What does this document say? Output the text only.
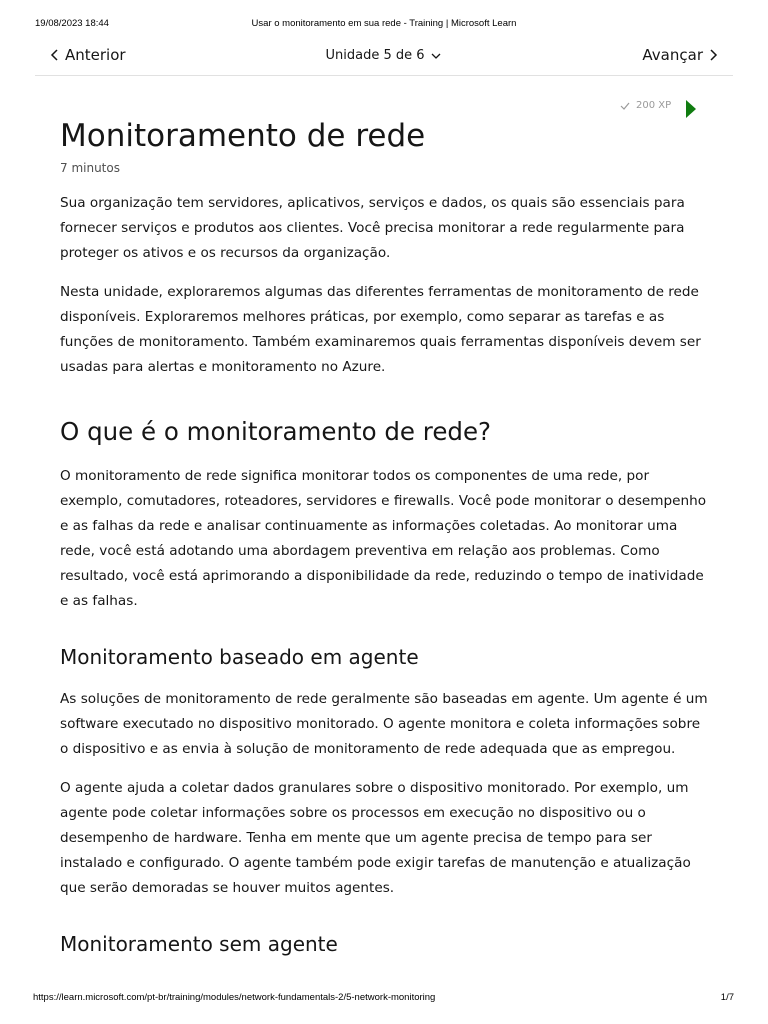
19/08/2023 18:44	Usar o monitoramento em sua rede - Training | Microsoft Learn
Anterior	Unidade 5 de 6	Avançar
200 XP
Monitoramento de rede
7 minutos

Sua organização tem servidores, aplicativos, serviços e dados, os quais são essenciais para fornecer serviços e produtos aos clientes. Você precisa monitorar a rede regularmente para proteger os ativos e os recursos da organização.

Nesta unidade, exploraremos algumas das diferentes ferramentas de monitoramento de rede disponíveis. Exploraremos melhores práticas, por exemplo, como separar as tarefas e as funções de monitoramento. Também examinaremos quais ferramentas disponíveis devem ser usadas para alertas e monitoramento no Azure.

O que é o monitoramento de rede?

O monitoramento de rede significa monitorar todos os componentes de uma rede, por exemplo, comutadores, roteadores, servidores e firewalls. Você pode monitorar o desempenho e as falhas da rede e analisar continuamente as informações coletadas. Ao monitorar uma rede, você está adotando uma abordagem preventiva em relação aos problemas. Como resultado, você está aprimorando a disponibilidade da rede, reduzindo o tempo de inatividade e as falhas.

Monitoramento baseado em agente

As soluções de monitoramento de rede geralmente são baseadas em agente. Um agente é um software executado no dispositivo monitorado. O agente monitora e coleta informações sobre o dispositivo e as envia à solução de monitoramento de rede adequada que as empregou.

O agente ajuda a coletar dados granulares sobre o dispositivo monitorado. Por exemplo, um agente pode coletar informações sobre os processos em execução no dispositivo ou o desempenho de hardware. Tenha em mente que um agente precisa de tempo para ser instalado e configurado. O agente também pode exigir tarefas de manutenção e atualização que serão demoradas se houver muitos agentes.

Monitoramento sem agente
https://learn.microsoft.com/pt-br/training/modules/network-fundamentals-2/5-network-monitoring	1/7
